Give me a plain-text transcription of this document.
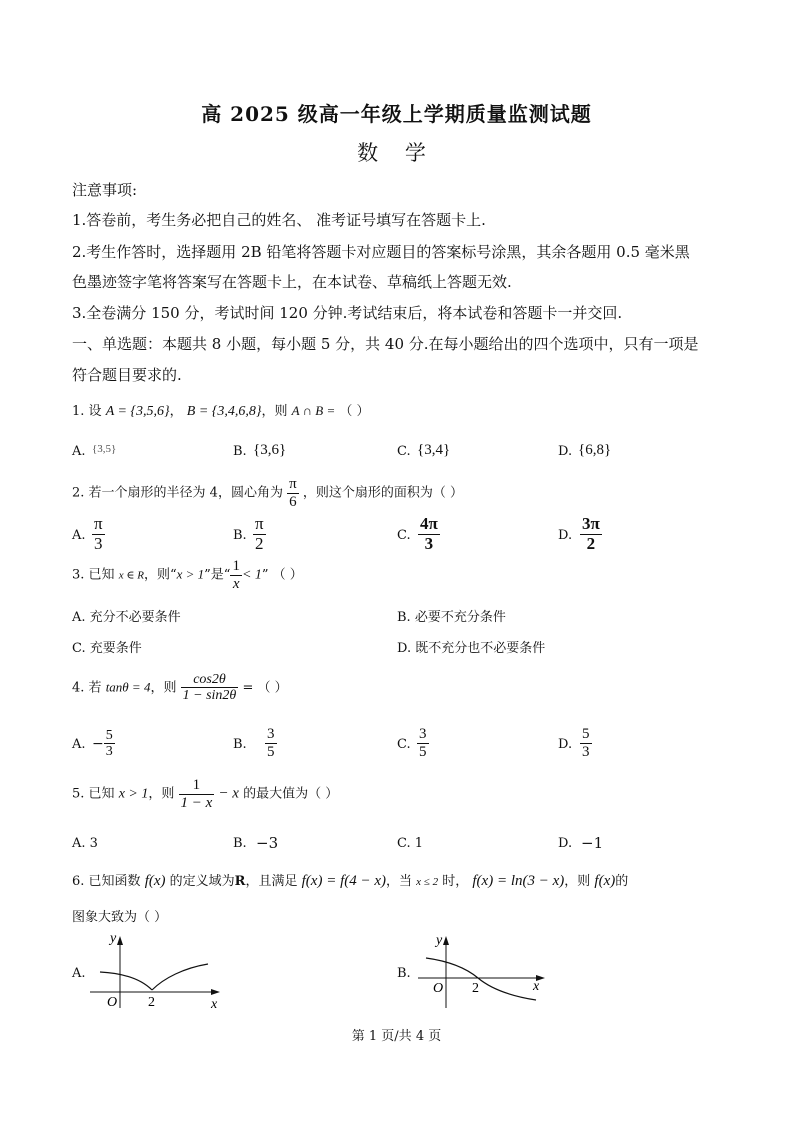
高 2025 级高一年级上学期质量监测试题
数 学
注意事项:
1.答卷前，考生务必把自己的姓名、 准考证号填写在答题卡上.
2.考生作答时，选择题用 2B 铅笔将答题卡对应题目的答案标号涂黑，其余各题用 0.5 毫米黑
色墨迹签字笔将答案写在答题卡上，在本试卷、草稿纸上答题无效.
3.全卷满分 150 分，考试时间 120 分钟.考试结束后，将本试卷和答题卡一并交回.
一、单选题：本题共 8 小题，每小题 5 分，共 40 分.在每小题给出的四个选项中，只有一项是
符合题目要求的.
1. 设 A = {3,5,6}， B = {3,4,6,8}，则 A ∩ B = （ ）
A. {3,5}	B. {3,6}	C. {3,4}	D. {6,8}
2. 若一个扇形的半径为 4，圆心角为 $\frac{\pi}{6}$ ，则这个扇形的面积为（ ）
A. $\frac{\pi}{3}$	B. $\frac{\pi}{2}$	C. $\frac{4\pi}{3}$	D. $\frac{3\pi}{2}$
3. 已知 x ∈ R，则“x > 1”是“ $\frac{1}{x} < 1$” （ ）
A. 充分不必要条件	B. 必要不充分条件
C. 充要条件	D. 既不充分也不必要条件
4. 若 tanθ = 4，则 $\frac{\cos 2\theta}{1 - \sin 2\theta}$ = （ ）
A. − $\frac{5}{3}$	B. $\frac{3}{5}$	C. $\frac{3}{5}$	D. $\frac{5}{3}$
5. 已知 x > 1，则 $\frac{1}{1 - x} - x$ 的最大值为（ ）
A. 3	B. −3	C. 1	D. −1
6. 已知函数 f(x) 的定义域为R，且满足 f(x) = f(4 − x)，当 x ≤ 2 时， f(x) = ln(3 − x)，则 f(x)的
图象大致为（ ）
A.
y
x
O 2
B.
y
x
O 2
第 1 页/共 4 页
